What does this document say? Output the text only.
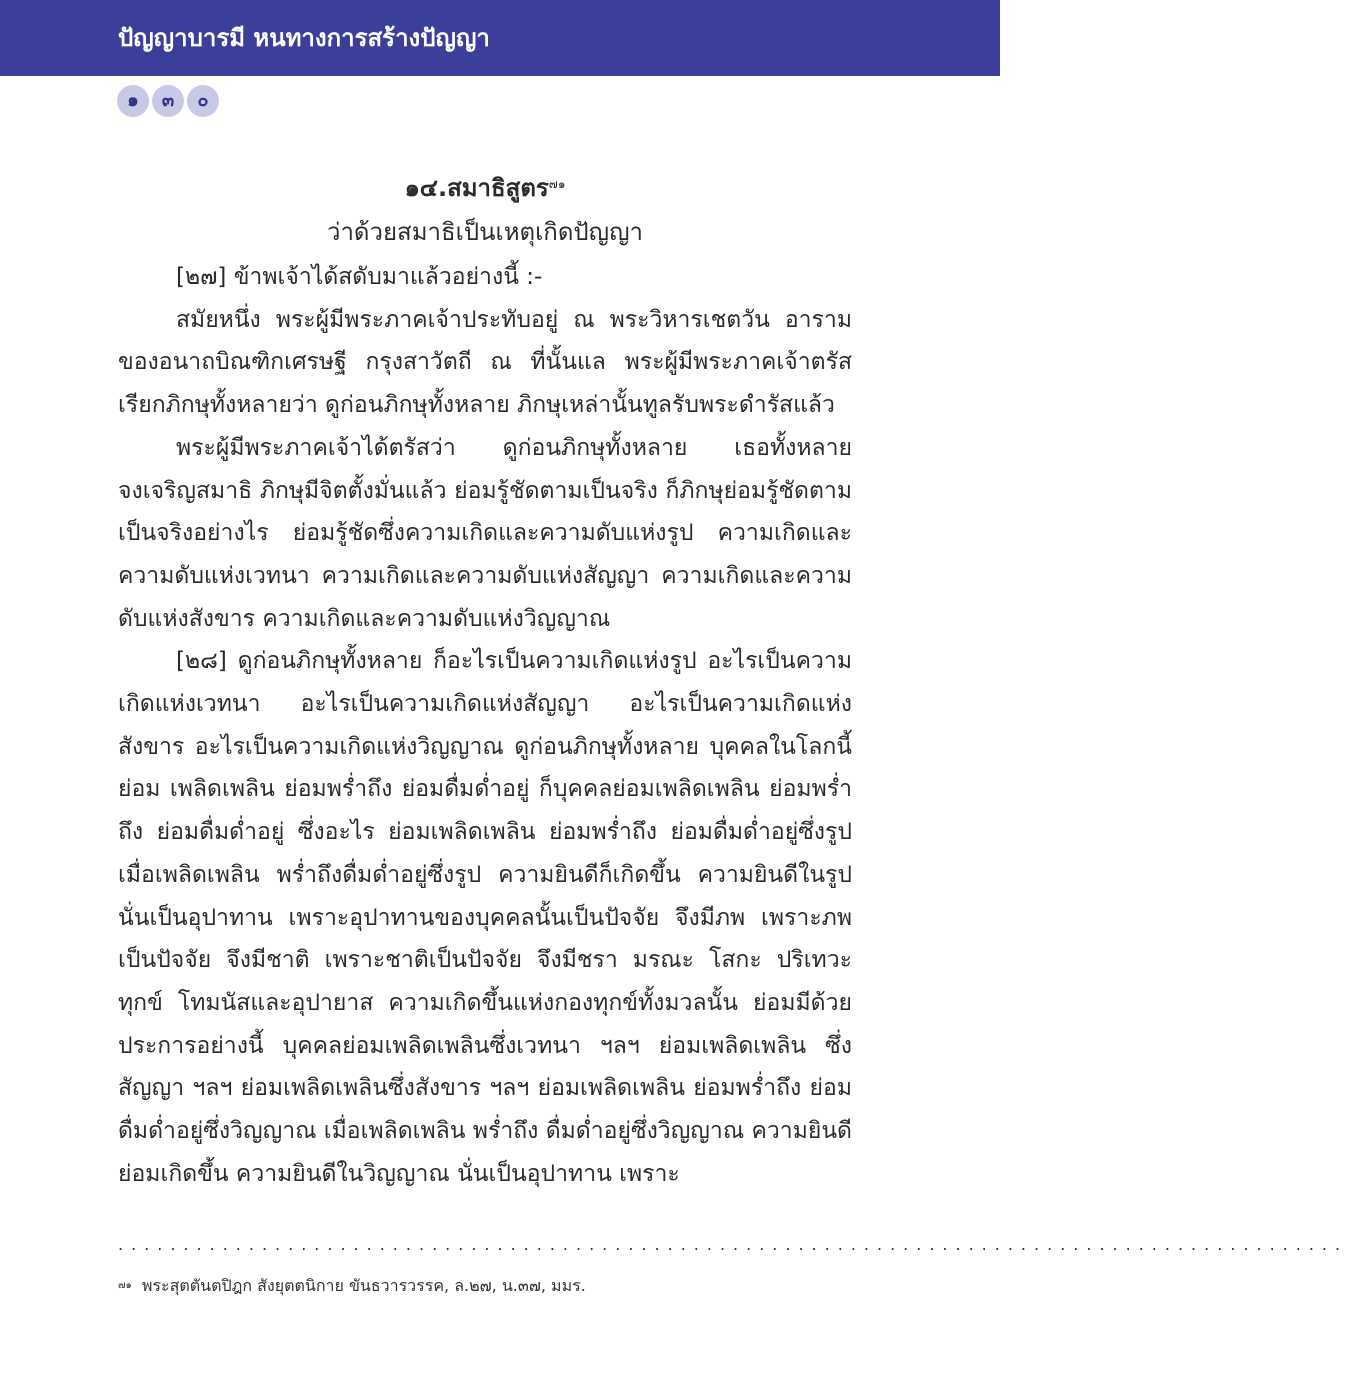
ปัญญาบารมี หนทางการสร้างปัญญา
๑	๓	๐
๑๔.สมาธิสูตร$^{๗๑}$
ว่าด้วยสมาธิเป็นเหตุเกิดปัญญา

[๒๗] ข้าพเจ้าได้สดับมาแล้วอย่างนี้ :-

สมัยหนึ่ง พระผู้มีพระภาคเจ้าประทับอยู่ ณ พระวิหารเชตวัน อาราม ของอนาถบิณฑิกเศรษฐี กรุงสาวัตถี ณ ที่นั้นแล พระผู้มีพระภาคเจ้าตรัส เรียกภิกษุทั้งหลายว่า ดูก่อนภิกษุทั้งหลาย ภิกษุเหล่านั้นทูลรับพระดำรัสแล้ว

พระผู้มีพระภาคเจ้าได้ตรัสว่า ดูก่อนภิกษุทั้งหลาย เธอทั้งหลาย จงเจริญสมาธิ ภิกษุมีจิตตั้งมั่นแล้ว ย่อมรู้ชัดตามเป็นจริง ก็ภิกษุย่อมรู้ชัดตาม เป็นจริงอย่างไร ย่อมรู้ชัดซึ่งความเกิดและความดับแห่งรูป ความเกิดและ ความดับแห่งเวทนา ความเกิดและความดับแห่งสัญญา ความเกิดและความ ดับแห่งสังขาร ความเกิดและความดับแห่งวิญญาณ

[๒๘] ดูก่อนภิกษุทั้งหลาย ก็อะไรเป็นความเกิดแห่งรูป อะไรเป็นความ เกิดแห่งเวทนา อะไรเป็นความเกิดแห่งสัญญา อะไรเป็นความเกิดแห่งสังขาร อะไรเป็นความเกิดแห่งวิญญาณ ดูก่อนภิกษุทั้งหลาย บุคคลในโลกนี้ย่อม เพลิดเพลิน ย่อมพร่ำถึง ย่อมดื่มด่ำอยู่ ก็บุคคลย่อมเพลิดเพลิน ย่อมพร่ำถึง ย่อมดื่มด่ำอยู่ ซึ่งอะไร ย่อมเพลิดเพลิน ย่อมพร่ำถึง ย่อมดื่มด่ำอยู่ซึ่งรูป เมื่อเพลิดเพลิน พร่ำถึงดื่มด่ำอยู่ซึ่งรูป ความยินดีก็เกิดขึ้น ความยินดีในรูป นั่นเป็นอุปาทาน เพราะอุปาทานของบุคคลนั้นเป็นปัจจัย จึงมีภพ เพราะภพ เป็นปัจจัย จึงมีชาติ เพราะชาติเป็นปัจจัย จึงมีชรา มรณะ โสกะ ปริเทวะ ทุกข์ โทมนัสและอุปายาส ความเกิดขึ้นแห่งกองทุกข์ทั้งมวลนั้น ย่อมมีด้วย ประการอย่างนี้ บุคคลย่อมเพลิดเพลินซึ่งเวทนา ฯลฯ ย่อมเพลิดเพลิน ซึ่งสัญญา ฯลฯ ย่อมเพลิดเพลินซึ่งสังขาร ฯลฯ ย่อมเพลิดเพลิน ย่อมพร่ำถึง ย่อมดื่มด่ำอยู่ซึ่งวิญญาณ เมื่อเพลิดเพลิน พร่ำถึง ดื่มด่ำอยู่ซึ่งวิญญาณ ความยินดีย่อมเกิดขึ้น ความยินดีในวิญญาณ นั่นเป็นอุปาทาน เพราะ

..............................................................................................
$^{๗๑}$ พระสุตตันตปิฎก สังยุตตนิกาย ขันธวารวรรค, ล.๒๗, น.๓๗, มมร.
